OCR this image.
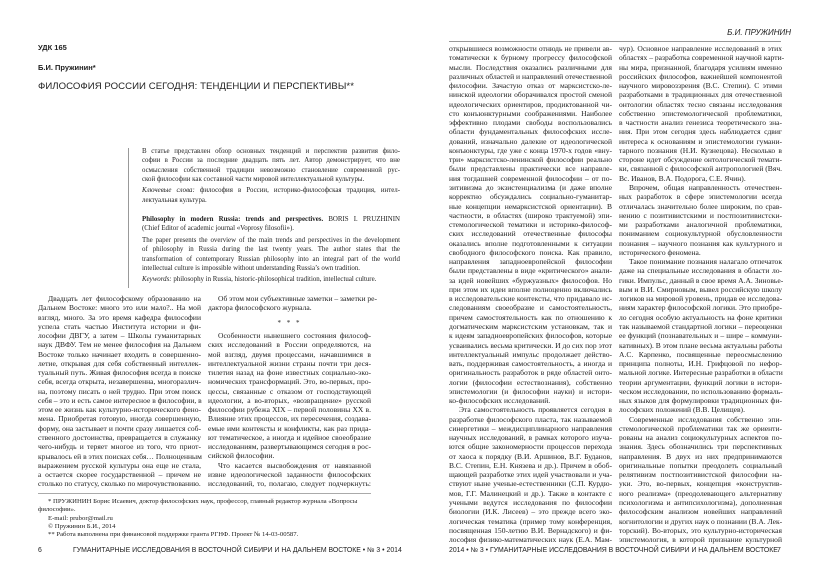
УДК 165
Б.И. Пружинин*
ФИЛОСОФИЯ РОССИИ СЕГОДНЯ: ТЕНДЕНЦИИ И ПЕРСПЕКТИВЫ**
В статье представлен обзор основных тенденций и перспектив развития фило-
софии в России за последние двадцать пять лет. Автор демонстрирует, что вне
осмысления собственной традиции невозможно становление современной рус-
ской философии как составной части мировой интеллектуальной культуры.
Ключевые слова: философия в России, историко-философская традиция, интел-
лектуальная культура.
Philosophy in modern Russia: trends and perspectives. BORIS I. PRUZHININ
(Chief Editor of academic journal «Voprosy filosofii»).
The paper presents the overview of the main trends and perspectives in the development
of philosophy in Russia during the last twenty years. The author states that the
transformation of contemporary Russian philosophy into an integral part of the world
intellectual culture is impossible without understanding Russia’s own tradition.
Keywords: philosophy in Russia, historic-philosophical tradition, intellectual culture.
Двадцать лет философскому образованию на
Дальнем Востоке: много это или мало?.. На мой
взгляд, много. За это время кафедра философии
успела стать частью Института истории и фи-
лософии ДВГУ, а затем – Школы гуманитарных
наук ДВФУ. Тем не менее философия на Дальнем
Востоке только начинает входить в совершенно-
летие, открывая для себя собственный интеллек-
туальный путь. Живая философия всегда в поиске
себя, всегда открыта, незавершенна, многоразлич-
на, поэтому писать о ней трудно. При этом поиск
себя – это и есть самое интересное в философии, в
этом ее жизнь как культурно-исторического фено-
мена. Приобретая готовую, иногда совершенную,
форму, она застывает и почти сразу лишается соб-
ственного достоинства, превращается в служанку
чего-нибудь и теряет многое из того, что приот-
крывалось ей в этих поисках себя… Полноценным
выражением русской культуры она еще не стала,
а остается скорее государственной – причем не
столько по статусу, сколько по мирочувствованию.
Об этом мои субъективные заметки – заметки ре-
дактора философского журнала.
* * *
Особенности нынешнего состояния философ-
ских исследований в России определяются, на
мой взгляд, двумя процессами, начавшимися в
интеллектуальной жизни страны почти три деся-
тилетия назад на фоне известных социально-эко-
номических трансформаций. Это, во-первых, про-
цессы, связанные с отказом от господствующей
идеологии, а во-вторых, «возвращение» русской
философии рубежа XIX – первой половины XX в.
Влияние этих процессов, их пересечения, создава-
емые ими контексты и конфликты, как раз прида-
ют тематическое, а иногда и идейное своеобразие
исследованиям, развертывающимся сегодня в рос-
сийской философии.
Что касается высвобождения от навязанной
извне идеологической заданности философских
исследований, то, полагаю, следует подчеркнуть:
* ПРУЖИНИН Борис Исаевич, доктор философских наук, профессор, главный редактор журнала «Вопросы
философии».
E-mail: prubor@mail.ru
© Пружинин Б.И., 2014
** Работа выполнена при финансовой поддержке гранта РГНФ. Проект № 14-03-00587.
6	ГУМАНИТАРНЫЕ ИССЛЕДОВАНИЯ В ВОСТОЧНОЙ СИБИРИ И НА ДАЛЬНЕМ ВОСТОКЕ • № 3 • 2014
Б.И. ПРУЖИНИН
открывшиеся возможности отнюдь не привели ав-
томатически к бурному прогрессу философской
мысли. Последствия оказались различными для
различных областей и направлений отечественной
философии. Зачастую отказ от марксистско-ле-
нинской идеологии оборачивался простой сменой
идеологических ориентиров, продиктованной чи-
сто конъюнктурными соображениями. Наиболее
эффективно плодами свободы воспользовались
области фундаментальных философских иссле-
дований, изначально далекие от идеологической
конъюнктуры, где уже с конца 1970-х годов «вну-
три» марксистско-ленинской философии реально
были представлены практически все направле-
ния тогдашней современной философии – от по-
зитивизма до экзистенциализма (и даже вполне
корректно обсуждались социально-гуманитар-
ные концепции немарксистской ориентации). В
частности, в областях (широко трактуемой) эпи-
стемологической тематики и историко-философ-
ских исследований отечественные философы
оказались вполне подготовленными к ситуации
свободного философского поиска. Как правило,
направления западноевропейской философии
были представлены в виде «критического» анали-
за идей новейших «буржуазных» философов. Но
при этом их идеи вполне полноценно включались
в исследовательские контексты, что придавало ис-
следованиям своеобразие и самостоятельность,
причем самостоятельность как по отношению к
догматическим марксистским установкам, так и
к идеям западноевропейских философов, которые
усваивались весьма критически. И до сих пор этот
интеллектуальный импульс продолжает действо-
вать, поддерживая самостоятельность, а иногда и
оригинальность разработок в ряде областей онто-
логии (философии естествознания), собственно
эпистемологии (и философии науки) и истори-
ко-философских исследований.
Эта самостоятельность проявляется сегодня в
разработке философского пласта, так называемой
синергетики – междисциплинарного направления
научных исследований, в рамках которого изуча-
ются общие закономерности процессов перехода
от хаоса к порядку (В.И. Аршинов, В.Г. Буданов,
В.С. Степин, Е.Н. Князева и др.). Причем в обоб-
щающей разработке этих идей участвовали и уча-
ствуют ныне ученые-естественники (С.П. Курдю-
мов, Г.Г. Малинецкий и др.). Также в контакте с
учеными ведутся исследования по философии
биологии (И.К. Лисеев) – это прежде всего эко-
логическая тематика (пример тому конференция,
посвященная 150-летию В.И. Вернадского) и фи-
лософия физико-математических наук (Е.А. Мам-
чур). Основное направление исследований в этих
областях – разработка современной научной карти-
ны мира, признанной, благодаря усилиям именно
российских философов, важнейшей компонентой
научного мировоззрения (В.С. Степин). С этими
разработками в традиционных для отечественной
онтологии областях тесно связаны исследования
собственно эпистемологической проблематики,
в частности анализ генезиса теоретического зна-
ния. При этом сегодня здесь наблюдается сдвиг
интереса к основаниям и эпистемологии гумани-
тарного познания (Н.И. Кузнецова). Несколько в
стороне идет обсуждение онтологической темати-
ки, связанной с философской антропологией (Вяч.
Вс. Иванов, В.А. Подорога, С.Е. Ячин).
Впрочем, общая направленность отечествен-
ных разработок в сфере эпистемологии всегда
отличалась значительно более широким, по срав-
нению с позитивистскими и постпозитивистски-
ми разработками аналогичной проблематики,
пониманием социокультурной обусловленности
познания – научного познания как культурного и
исторического феномена.
Такое понимание познания налагало отпечаток
даже на специальные исследования в области ло-
гики. Импульс, данный в свое время А.А. Зиновье-
вым и В.И. Смирновым, вывел российскую школу
логиков на мировой уровень, придав ее исследова-
ниям характер философской логики. Это приобре-
ло сегодня особую актуальность на фоне критики
так называемой стандартной логики – переоценки
ее функций (познавательных и – шире – коммуни-
кативных). В этом плане весьма актуальны работы
А.С. Карпенко, посвященные переосмыслению
принципа полноты, И.Н. Грифцовой по нефор-
мальной логике. Интересные разработки в области
теории аргументации, функций логики в истори-
ческом исследовании, по использованию формаль-
ных языков для формулировки традиционных фи-
лософских положений (В.В. Целищев).
Современные исследования собственно эпи-
стемологической проблематики так же ориенти-
рованы на анализ социокультурных аспектов по-
знания. Здесь обозначились три перспективных
направления. В двух из них предпринимаются
оригинальные попытки преодолеть социальный
релятивизм постпозитивистской философии на-
уки. Это, во-первых, концепция «конструктив-
ного реализма» (преодолевающего альтернативу
психологизма и антипсихологизма), дополненная
философским анализом новейших направлений
когнитологии и других наук о познании (В.А. Лек-
торский). Во-вторых, это культурно-историческая
эпистемология, в которой признание культурной
2014 • № 3 • ГУМАНИТАРНЫЕ ИССЛЕДОВАНИЯ В ВОСТОЧНОЙ СИБИРИ И НА ДАЛЬНЕМ ВОСТОКЕ 7
